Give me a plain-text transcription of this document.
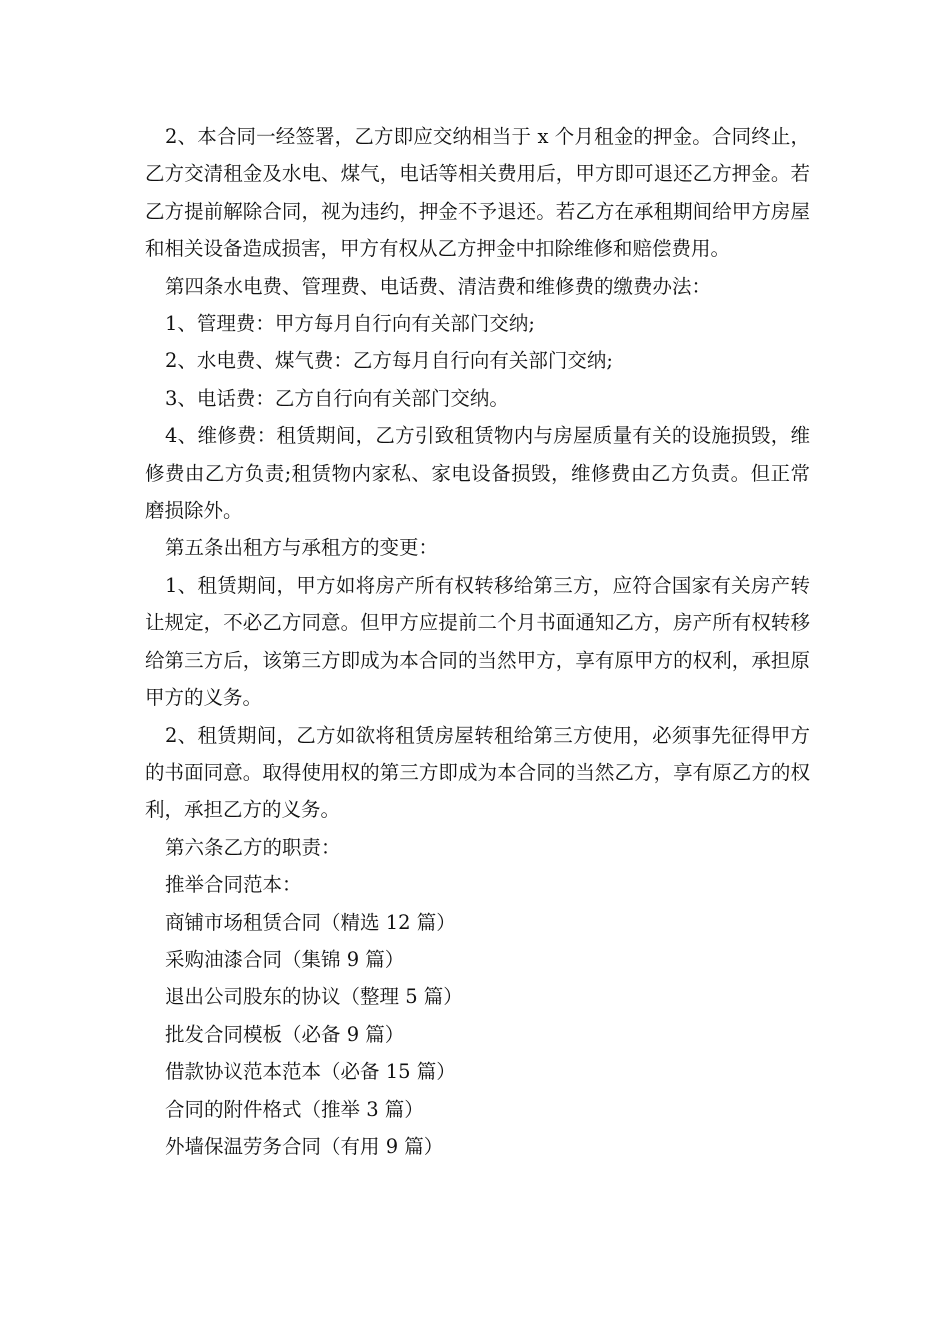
2、本合同一经签署，乙方即应交纳相当于 x 个月租金的押金。合同终止，乙方交清租金及水电、煤气，电话等相关费用后，甲方即可退还乙方押金。若乙方提前解除合同，视为违约，押金不予退还。若乙方在承租期间给甲方房屋和相关设备造成损害，甲方有权从乙方押金中扣除维修和赔偿费用。

第四条水电费、管理费、电话费、清洁费和维修费的缴费办法：

1、管理费：甲方每月自行向有关部门交纳;

2、水电费、煤气费：乙方每月自行向有关部门交纳;

3、电话费：乙方自行向有关部门交纳。

4、维修费：租赁期间，乙方引致租赁物内与房屋质量有关的设施损毁，维修费由乙方负责;租赁物内家私、家电设备损毁，维修费由乙方负责。但正常磨损除外。

第五条出租方与承租方的变更：

1、租赁期间，甲方如将房产所有权转移给第三方，应符合国家有关房产转让规定，不必乙方同意。但甲方应提前二个月书面通知乙方，房产所有权转移给第三方后，该第三方即成为本合同的当然甲方，享有原甲方的权利，承担原甲方的义务。

2、租赁期间，乙方如欲将租赁房屋转租给第三方使用，必须事先征得甲方的书面同意。取得使用权的第三方即成为本合同的当然乙方，享有原乙方的权利，承担乙方的义务。

第六条乙方的职责：

推举合同范本：

商铺市场租赁合同（精选 12 篇）

采购油漆合同（集锦 9 篇）

退出公司股东的协议（整理 5 篇）

批发合同模板（必备 9 篇）

借款协议范本范本（必备 15 篇）

合同的附件格式（推举 3 篇）

外墙保温劳务合同（有用 9 篇）
